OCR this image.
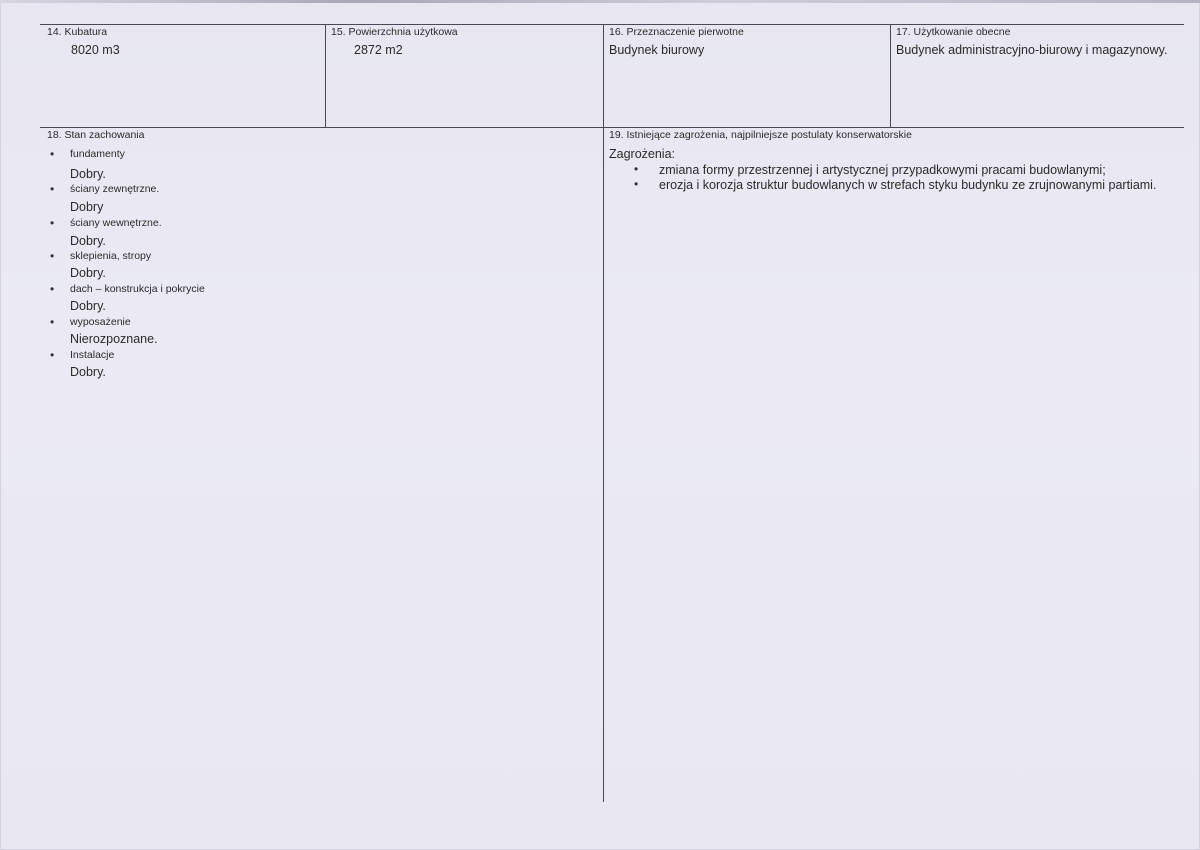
14. Kubatura
8020 m3
15. Powierzchnia użytkowa
2872 m2
16. Przeznaczenie pierwotne
Budynek biurowy
17. Użytkowanie obecne
Budynek administracyjno-biurowy i magazynowy.
18. Stan zachowania
• fundamenty
Dobry.
• ściany zewnętrzne.
Dobry
• ściany wewnętrzne.
Dobry.
• sklepienia, stropy
Dobry.
• dach – konstrukcja i pokrycie
Dobry.
• wyposażenie
Nierozpoznane.
• Instalacje
Dobry.
19. Istniejące zagrożenia, najpilniejsze postulaty konserwatorskie
Zagrożenia:
• zmiana formy przestrzennej i artystycznej przypadkowymi pracami budowlanymi;
• erozja i korozja struktur budowlanych w strefach styku budynku ze zrujnowanymi partiami.
